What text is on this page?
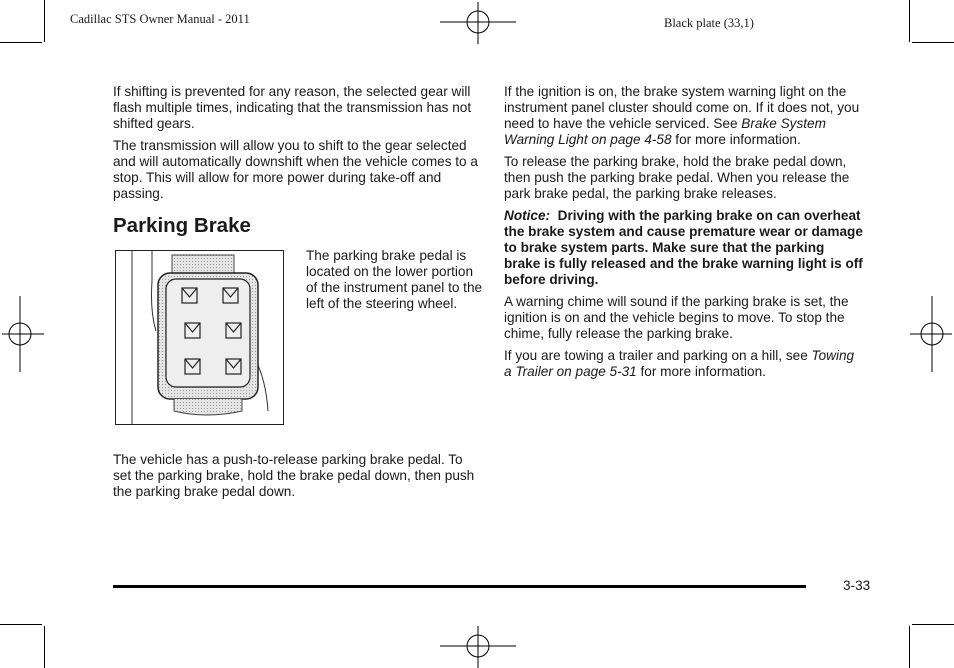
Cadillac STS Owner Manual - 2011	Black plate (33,1)

If shifting is prevented for any reason, the selected gear will flash multiple times, indicating that the transmission has not shifted gears.

The transmission will allow you to shift to the gear selected and will automatically downshift when the vehicle comes to a stop. This will allow for more power during take-off and passing.

Parking Brake
The parking brake pedal is located on the lower portion of the instrument panel to the left of the steering wheel.
The vehicle has a push-to-release parking brake pedal. To set the parking brake, hold the brake pedal down, then push the parking brake pedal down.

If the ignition is on, the brake system warning light on the instrument panel cluster should come on. If it does not, you need to have the vehicle serviced. See Brake System Warning Light on page 4-58 for more information.

To release the parking brake, hold the brake pedal down, then push the parking brake pedal. When you release the park brake pedal, the parking brake releases.

Notice: Driving with the parking brake on can overheat the brake system and cause premature wear or damage to brake system parts. Make sure that the parking brake is fully released and the brake warning light is off before driving.

A warning chime will sound if the parking brake is set, the ignition is on and the vehicle begins to move. To stop the chime, fully release the parking brake.

If you are towing a trailer and parking on a hill, see Towing a Trailer on page 5-31 for more information.

3-33
